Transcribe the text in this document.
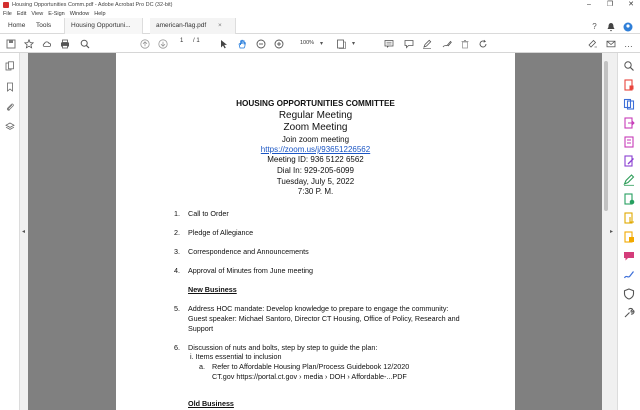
Housing Opportunities Comm.pdf - Adobe Acrobat Pro DC (32-bit)	–	❐	✕
File Edit View E-Sign Window Help
Home	Tools	Housing Opportuni...	american-flag.pdf ×	?
1 / 1	100% ▾	▾	…
◂
HOUSING OPPORTUNITIES COMMITTEE
Regular Meeting
Zoom Meeting
Join zoom meeting
https://zoom.us/j/93651226562
Meeting ID: 936 5122 6562
Dial In: 929-205-6099
Tuesday, July 5, 2022
7:30 P. M.
1. Call to Order
2. Pledge of Allegiance
3. Correspondence and Announcements
4. Approval of Minutes from June meeting
New Business
5. Address HOC mandate: Develop knowledge to prepare to engage the community:
Guest speaker: Michael Santoro, Director CT Housing, Office of Policy, Research and
Support
6. Discussion of nuts and bolts, step by step to guide the plan:
i. Items essential to inclusion
a. Refer to Affordable Housing Plan/Process Guidebook 12/2020
CT.gov https://portal.ct.gov › media › DOH › Affordable-...PDF
Old Business
▸
